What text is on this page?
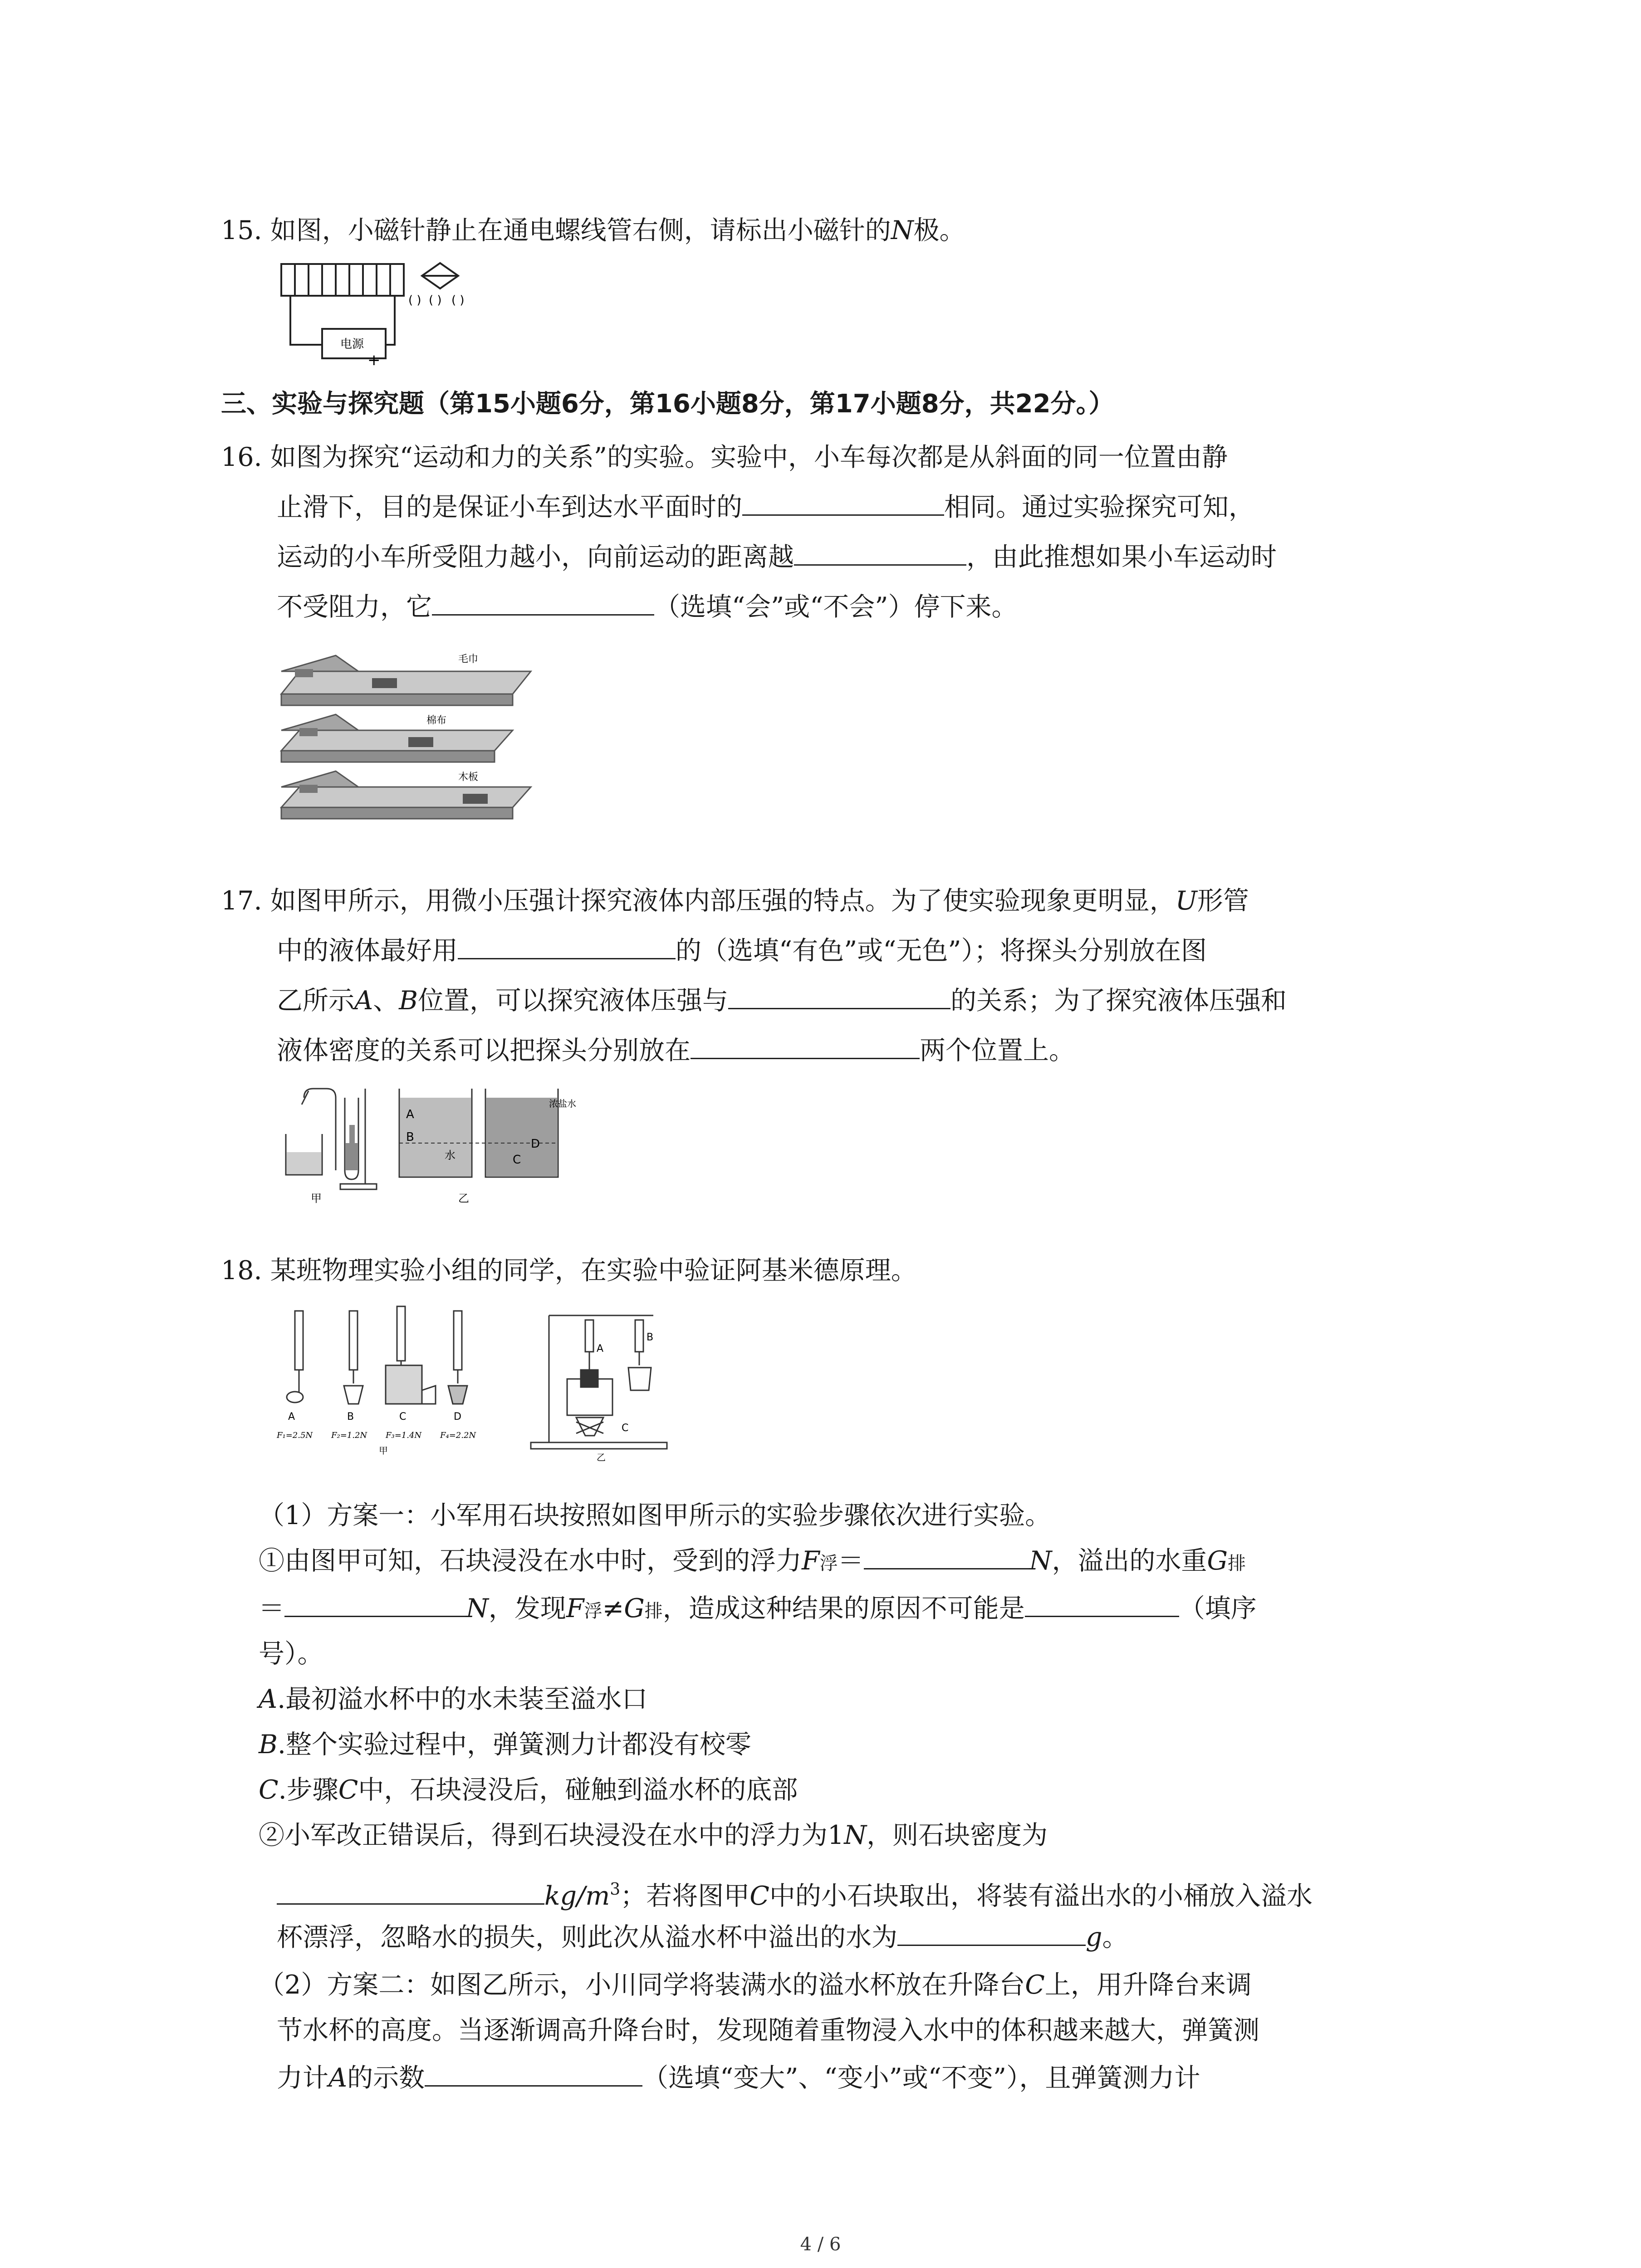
15. 如图，小磁针静止在通电螺线管右侧，请标出小磁针的N极。
( ) ( ) ( )
电源
+
三、实验与探究题（第15小题6分，第16小题8分，第17小题8分，共22分。）
16. 如图为探究“运动和力的关系”的实验。实验中，小车每次都是从斜面的同一位置由静
止滑下，目的是保证小车到达水平面时的	相同。通过实验探究可知，
运动的小车所受阻力越小，向前运动的距离越	，由此推想如果小车运动时
不受阻力，它	（选填“会”或“不会”）停下来。
毛巾
棉布
木板
17. 如图甲所示，用微小压强计探究液体内部压强的特点。为了使实验现象更明显，U形管
中的液体最好用	的（选填“有色”或“无色”）；将探头分别放在图
乙所示A、B位置，可以探究液体压强与	的关系；为了探究液体压强和
液体密度的关系可以把探头分别放在	两个位置上。
甲
A
B
水	C
D
浓盐水
乙
18. 某班物理实验小组的同学，在实验中验证阿基米德原理。
A	B	C	D
F₁=2.5N F₂=1.2N F₃=1.4N F₄=2.2N
甲
A
B
C
乙
（1）方案一：小军用石块按照如图甲所示的实验步骤依次进行实验。
①由图甲可知，石块浸没在水中时，受到的浮力F浮＝	N，溢出的水重G排
＝	N，发现F浮≠G排，造成这种结果的原因不可能是	（填序
号）。
A.最初溢水杯中的水未装至溢水口
B.整个实验过程中，弹簧测力计都没有校零
C.步骤C中，石块浸没后，碰触到溢水杯的底部
②小军改正错误后，得到石块浸没在水中的浮力为1N，则石块密度为
$kg/m^3$；若将图甲C中的小石块取出，将装有溢出水的小桶放入溢水
杯漂浮，忽略水的损失，则此次从溢水杯中溢出的水为	g。
（2）方案二：如图乙所示，小川同学将装满水的溢水杯放在升降台C上，用升降台来调
节水杯的高度。当逐渐调高升降台时，发现随着重物浸入水中的体积越来越大，弹簧测
力计A的示数	（选填“变大”、“变小”或“不变”），且弹簧测力计
4 / 6
